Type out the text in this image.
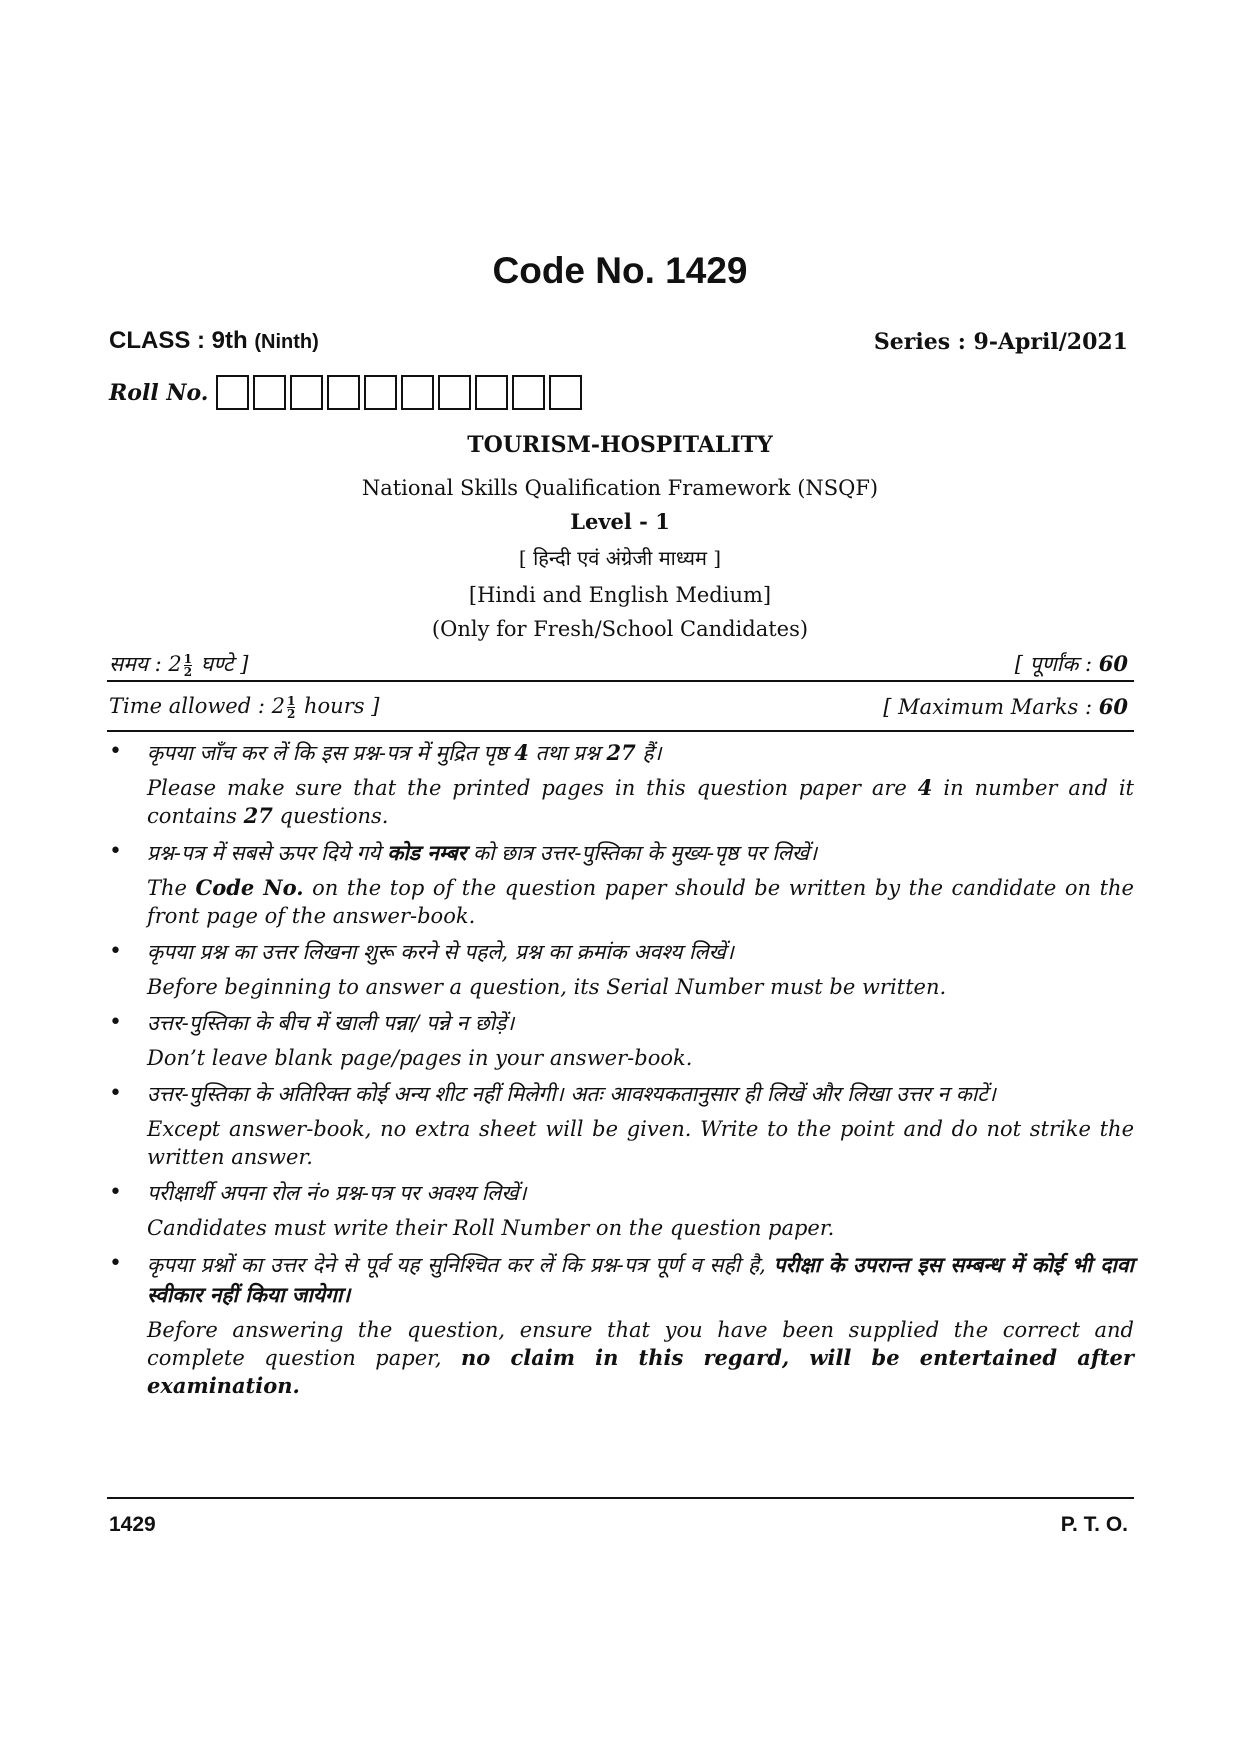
Code No. 1429
CLASS : 9th (Ninth)	Series : 9-April/2021
Roll No.
TOURISM-HOSPITALITY
National Skills Qualification Framework (NSQF)
Level - 1
[ हिन्दी एवं अंग्रेजी माध्यम ]
[Hindi and English Medium]
(Only for Fresh/School Candidates)
समय : $2 \frac{1}{2}$ घण्टे ]	[ पूर्णांक : 60
Time allowed : $2 \frac{1}{2}$ hours ]	[ Maximum Marks : 60
• कृपया जाँच कर लें कि इस प्रश्न-पत्र में मुद्रित पृष्ठ 4 तथा प्रश्न 27 हैं।
Please make sure that the printed pages in this question paper are 4 in number and it contains 27 questions.
• प्रश्न-पत्र में सबसे ऊपर दिये गये कोड नम्बर को छात्र उत्तर-पुस्तिका के मुख्य-पृष्ठ पर लिखें।
The Code No. on the top of the question paper should be written by the candidate on the front page of the answer-book.
• कृपया प्रश्न का उत्तर लिखना शुरू करने से पहले, प्रश्न का क्रमांक अवश्य लिखें।
Before beginning to answer a question, its Serial Number must be written.
• उत्तर-पुस्तिका के बीच में खाली पन्ना/ पन्ने न छोड़ें।
Don’t leave blank page/pages in your answer-book.
• उत्तर-पुस्तिका के अतिरिक्त कोई अन्य शीट नहीं मिलेगी। अतः आवश्यकतानुसार ही लिखें और लिखा उत्तर न काटें।
Except answer-book, no extra sheet will be given. Write to the point and do not strike the written answer.
• परीक्षार्थी अपना रोल नं० प्रश्न-पत्र पर अवश्य लिखें।
Candidates must write their Roll Number on the question paper.
• कृपया प्रश्नों का उत्तर देने से पूर्व यह सुनिश्चित कर लें कि प्रश्न-पत्र पूर्ण व सही है, परीक्षा के उपरान्त इस सम्बन्ध में कोई भी दावा स्वीकार नहीं किया जायेगा।
Before answering the question, ensure that you have been supplied the correct and complete question paper, no claim in this regard, will be entertained after examination.
1429	P. T. O.
